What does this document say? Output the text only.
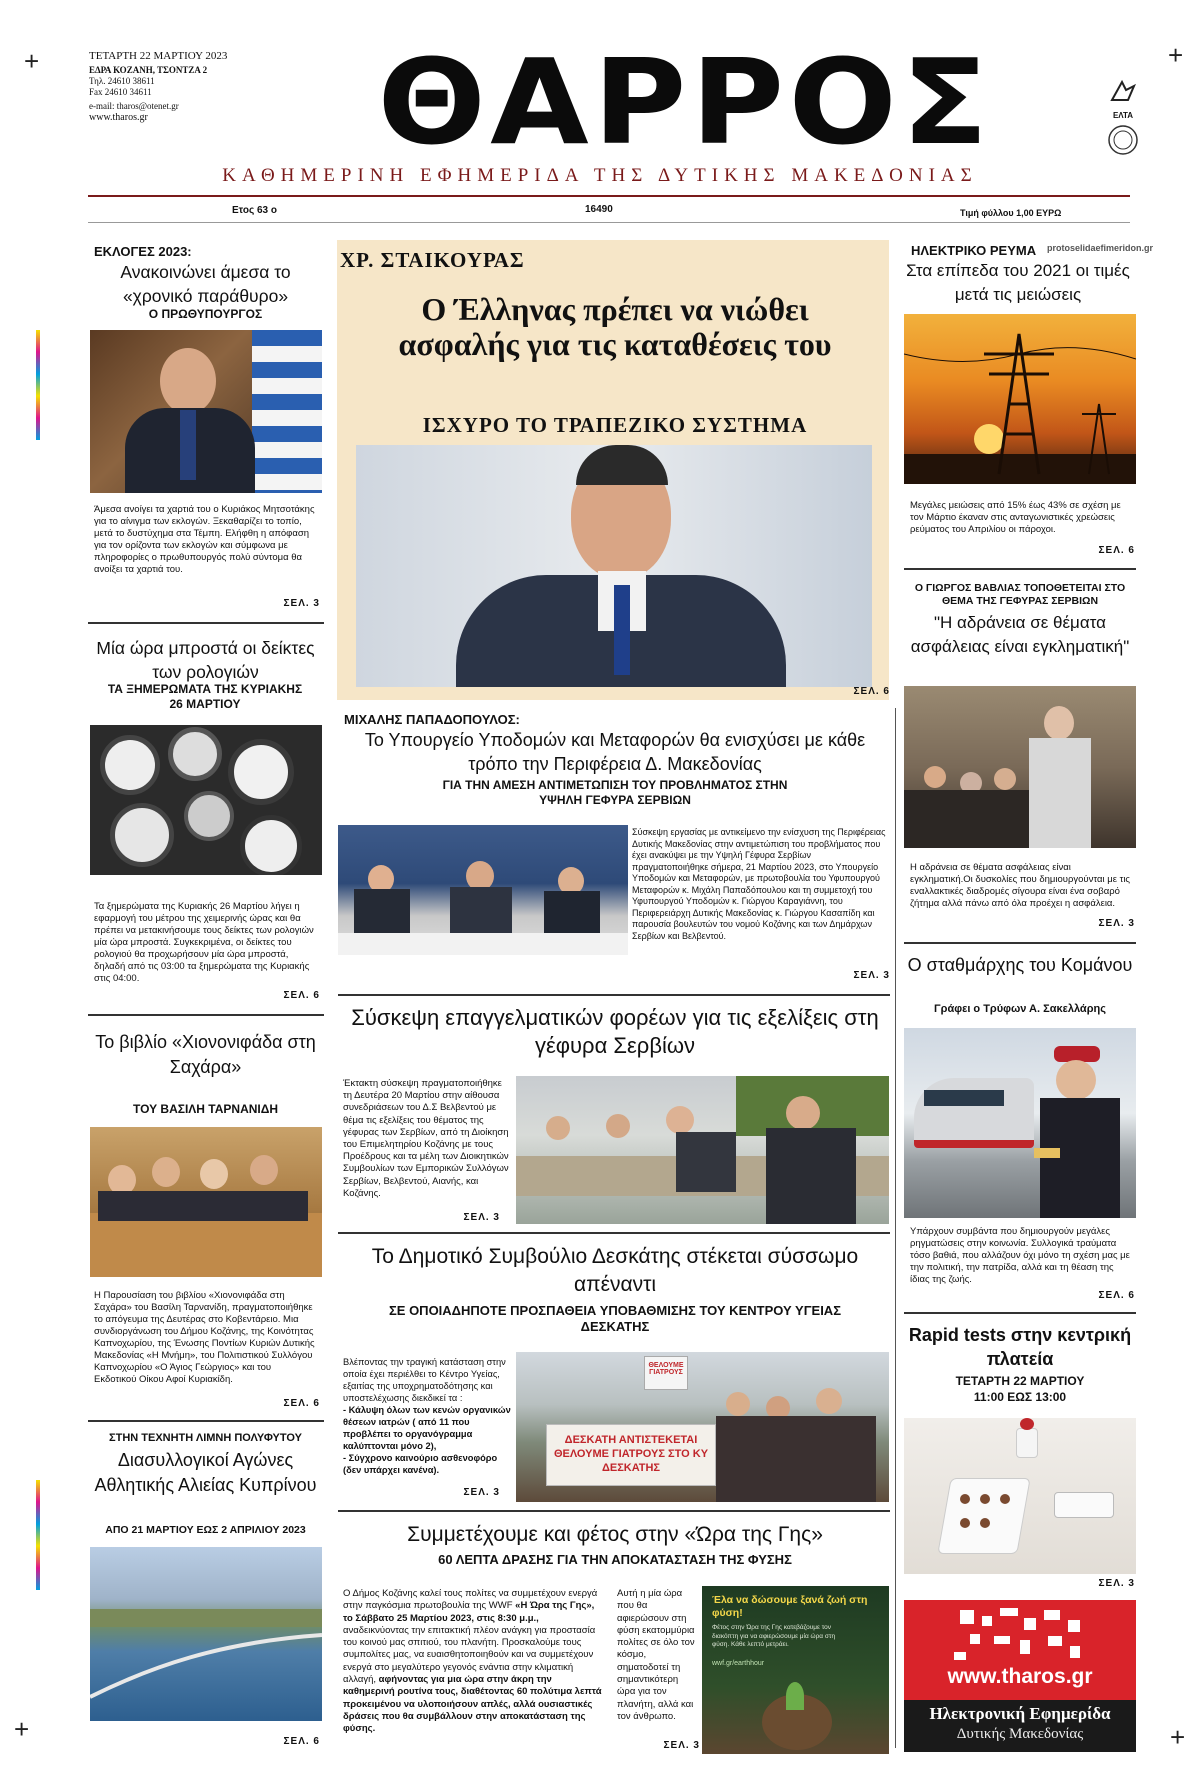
+	+
+	+
ΤΕΤΑΡΤΗ 22 ΜΑΡΤΙΟΥ 2023
ΕΔΡΑ ΚΟΖΑΝΗ, ΤΣΟΝΤΖΑ 2
Τηλ. 24610 38611
Fax 24610 34611
e-mail: tharos@otenet.gr
www.tharos.gr	ΘΑΡΡΟΣ	ΕΛΤΑ
ΚΑΘΗΜΕΡΙΝΗ ΕΦΗΜΕΡΙΔΑ ΤΗΣ ΔΥΤΙΚΗΣ ΜΑΚΕΔΟΝΙΑΣ
Ετος 63 ο	16490	Τιμή φύλλου 1,00 ΕΥΡΩ
ΕΚΛΟΓΕΣ 2023:
Ανακοινώνει άμεσα το «χρονικό παράθυρο»
Ο ΠΡΩΘΥΠΟΥΡΓΟΣ

Άμεσα ανοίγει τα χαρτιά του ο Κυριάκος Μητσοτάκης για το αίνιγμα των εκλογών. Ξεκαθαρίζει το τοπίο, μετά το δυστύχημα στα Τέμπη. Ελήφθη η απόφαση για τον ορίζοντα των εκλογών και σύμφωνα με πληροφορίες ο πρωθυπουργός πολύ σύντομα θα ανοίξει τα χαρτιά του.

ΣΕΛ. 3
Μία ώρα μπροστά οι δείκτες των ρολογιών
ΤΑ ΞΗΜΕΡΩΜΑΤΑ ΤΗΣ ΚΥΡΙΑΚΗΣ 26 ΜΑΡΤΙΟΥ

Τα ξημερώματα της Κυριακής 26 Μαρτίου λήγει η εφαρμογή του μέτρου της χειμερινής ώρας και θα πρέπει να μετακινήσουμε τους δείκτες των ρολογιών μία ώρα μπροστά. Συγκεκριμένα, οι δείκτες του ρολογιού θα προχωρήσουν μία ώρα μπροστά, δηλαδή από τις 03:00 τα ξημερώματα της Κυριακής στις 04:00.

ΣΕΛ. 6
Το βιβλίο «Χιονονιφάδα στη Σαχάρα»
ΤΟΥ ΒΑΣΙΛΗ ΤΑΡΝΑΝΙΔΗ

Η Παρουσίαση του βιβλίου «Χιονονιφάδα στη Σαχάρα» του Βασίλη Ταρνανίδη, πραγματοποιήθηκε το απόγευμα της Δευτέρας στο Κοβεντάρειο. Μια συνδιοργάνωση του Δήμου Κοζάνης, της Κοινότητας Καπνοχωρίου, της Ένωσης Ποντίων Κυριών Δυτικής Μακεδονίας «Η Μνήμη», του Πολιτιστικού Συλλόγου Καπνοχωρίου «Ο Άγιος Γεώργιος» και του Εκδοτικού Οίκου Αφοί Κυριακίδη.

ΣΕΛ. 6
ΣΤΗΝ ΤΕΧΝΗΤΗ ΛΙΜΝΗ ΠΟΛΥΦΥΤΟΥ
Διασυλλογικοί Αγώνες Αθλητικής Αλιείας Κυπρίνου
ΑΠΟ 21 ΜΑΡΤΙΟΥ ΕΩΣ 2 ΑΠΡΙΛΙΟΥ 2023
ΣΕΛ. 6
ΧΡ. ΣΤΑΙΚΟΥΡΑΣ
Ο Έλληνας πρέπει να νιώθει ασφαλής για τις καταθέσεις του
ΙΣΧΥΡΟ ΤΟ ΤΡΑΠΕΖΙΚΟ ΣΥΣΤΗΜΑ
ΣΕΛ. 6
ΜΙΧΑΛΗΣ ΠΑΠΑΔΟΠΟΥΛΟΣ:
Το Υπουργείο Υποδομών και Μεταφορών θα ενισχύσει με κάθε τρόπο την Περιφέρεια Δ. Μακεδονίας
ΓΙΑ ΤΗΝ ΑΜΕΣΗ ΑΝΤΙΜΕΤΩΠΙΣΗ ΤΟΥ ΠΡΟΒΛΗΜΑΤΟΣ ΣΤΗΝ ΥΨΗΛΗ ΓΕΦΥΡΑ ΣΕΡΒΙΩΝ

Σύσκεψη εργασίας με αντικείμενο την ενίσχυση της Περιφέρειας Δυτικής Μακεδονίας στην αντιμετώπιση του προβλήματος που έχει ανακύψει με την Υψηλή Γέφυρα Σερβίων πραγματοποιήθηκε σήμερα, 21 Μαρτίου 2023, στο Υπουργείο Υποδομών και Μεταφορών, με πρωτοβουλία του Υφυπουργού Μεταφορών κ. Μιχάλη Παπαδόπουλου και τη συμμετοχή του Υφυπουργού Υποδομών κ. Γιώργου Καραγιάννη, του Περιφερειάρχη Δυτικής Μακεδονίας κ. Γιώργου Κασαπίδη και παρουσία βουλευτών του νομού Κοζάνης και των Δημάρχων Σερβίων και Βελβεντού.

ΣΕΛ. 3
Σύσκεψη επαγγελματικών φορέων για τις εξελίξεις στη γέφυρα Σερβίων

Έκτακτη σύσκεψη πραγματοποιήθηκε τη Δευτέρα 20 Μαρτίου στην αίθουσα συνεδριάσεων του Δ.Σ Βελβεντού με θέμα τις εξελίξεις του θέματος της γέφυρας των Σερβίων, από τη Διοίκηση του Επιμελητηρίου Κοζάνης με τους Προέδρους και τα μέλη των Διοικητικών Συμβουλίων των Εμπορικών Συλλόγων Σερβίων, Βελβεντού, Αιανής, και Κοζάνης.

ΣΕΛ. 3
Το Δημοτικό Συμβούλιο Δεσκάτης στέκεται σύσσωμο απέναντι
ΣΕ ΟΠΟΙΑΔΗΠΟΤΕ ΠΡΟΣΠΑΘΕΙΑ ΥΠΟΒΑΘΜΙΣΗΣ ΤΟΥ ΚΕΝΤΡΟΥ ΥΓΕΙΑΣ ΔΕΣΚΑΤΗΣ

Βλέποντας την τραγική κατάσταση στην οποία έχει περιέλθει το Κέντρο Υγείας, εξαιτίας της υποχρηματοδότησης και υποστελέχωσης διεκδικεί τα :

- Κάλυψη όλων των κενών οργανικών θέσεων ιατρών ( από 11 που προβλέπει το οργανόγραμμα καλύπτονται μόνο 2),

- Σύγχρονο καινούριο ασθενοφόρο (δεν υπάρχει κανένα).

ΔΕΣΚΑΤΗ ΑΝΤΙΣΤΕΚΕΤΑΙ ΘΕΛΟΥΜΕ ΓΙΑΤΡΟΥΣ ΣΤΟ ΚΥ ΔΕΣΚΑΤΗΣ
ΘΕΛΟΥΜΕ ΓΙΑΤΡΟΥΣ
ΣΕΛ. 3
Συμμετέχουμε και φέτος στην «Ώρα της Γης»
60 ΛΕΠΤΑ ΔΡΑΣΗΣ ΓΙΑ ΤΗΝ ΑΠΟΚΑΤΑΣΤΑΣΗ ΤΗΣ ΦΥΣΗΣ

Ο Δήμος Κοζάνης καλεί τους πολίτες να συμμετέχουν ενεργά στην παγκόσμια πρωτοβουλία της WWF «Η Ώρα της Γης», το Σάββατο 25 Μαρτίου 2023, στις 8:30 μ.μ., αναδεικνύοντας την επιτακτική πλέον ανάγκη για προστασία του κοινού μας σπιτιού, του πλανήτη. Προσκαλούμε τους συμπολίτες μας, να ευαισθητοποιηθούν και να συμμετέχουν ενεργά στο μεγαλύτερο γεγονός ενάντια στην κλιματική αλλαγή, αφήνοντας για μια ώρα στην άκρη την καθημερινή ρουτίνα τους, διαθέτοντας 60 πολύτιμα λεπτά προκειμένου να υλοποιήσουν απλές, αλλά ουσιαστικές δράσεις που θα συμβάλλουν στην αποκατάσταση της φύσης.

Αυτή η μία ώρα που θα αφιερώσουν στη φύση εκατομμύρια πολίτες σε όλο τον κόσμο, σηματοδοτεί τη σημαντικότερη ώρα για τον πλανήτη, αλλά και τον άνθρωπο.

Έλα να δώσουμε ξανά ζωή στη φύση!
Φέτος στην Ώρα της Γης κατεβάζουμε τον διακόπτη για να αφιερώσουμε μία ώρα στη φύση. Κάθε λεπτό μετράει.
wwf.gr/earthhour
ΣΕΛ. 3
protoselidaefimeridon.gr
ΗΛΕΚΤΡΙΚΟ ΡΕΥΜΑ
Στα επίπεδα του 2021 οι τιμές μετά τις μειώσεις

Μεγάλες μειώσεις από 15% έως 43% σε σχέση με τον Μάρτιο έκαναν στις ανταγωνιστικές χρεώσεις ρεύματος του Απριλίου οι πάροχοι.

ΣΕΛ. 6
Ο ΓΙΩΡΓΟΣ ΒΑΒΛΙΑΣ ΤΟΠΟΘΕΤΕΙΤΑΙ ΣΤΟ ΘΕΜΑ ΤΗΣ ΓΕΦΥΡΑΣ ΣΕΡΒΙΩΝ
"Η αδράνεια σε θέματα ασφάλειας είναι εγκληματική"

Η αδράνεια σε θέματα ασφάλειας είναι εγκληματική.Οι δυσκολίες που δημιουργούνται με τις εναλλακτικές διαδρομές σίγουρα είναι ένα σοβαρό ζήτημα αλλά πάνω από όλα προέχει η ασφάλεια.

ΣΕΛ. 3
Ο σταθμάρχης του Κομάνου
Γράφει ο Τρύφων Α. Σακελλάρης

Υπάρχουν συμβάντα που δημιουργούν μεγάλες ρηγματώσεις στην κοινωνία. Συλλογικά τραύματα τόσο βαθιά, που αλλάζουν όχι μόνο τη σχέση μας με την πολιτική, την πατρίδα, αλλά και τη θέαση της ίδιας της ζωής.

ΣΕΛ. 6
Rapid tests στην κεντρική πλατεία
ΤΕΤΑΡΤΗ 22 ΜΑΡΤΙΟΥ
11:00 ΕΩΣ 13:00
ΣΕΛ. 3
www.tharos.gr
Ηλεκτρονική Εφημερίδα
Δυτικής Μακεδονίας
